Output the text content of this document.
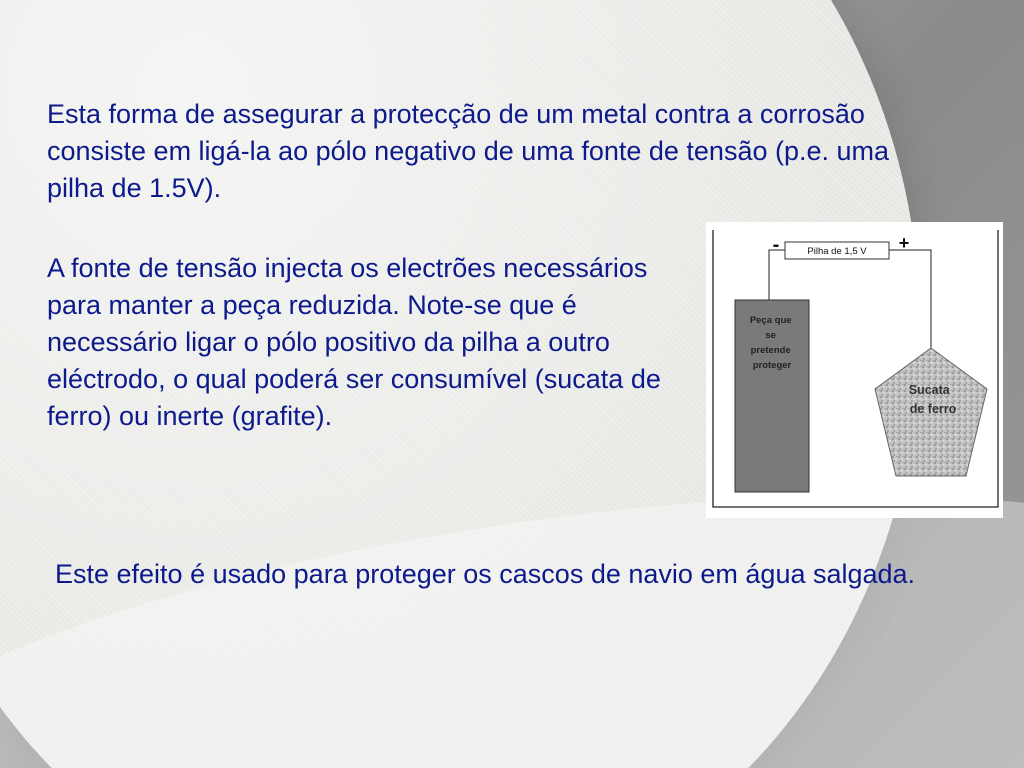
Esta forma de assegurar a protecção de um metal contra a corrosão consiste em ligá-la ao pólo negativo de uma fonte de tensão (p.e. uma pilha de 1.5V).

A fonte de tensão injecta os electrões necessários para manter a peça reduzida. Note-se que é necessário ligar o pólo positivo da pilha a outro eléctrodo, o qual poderá ser consumível (sucata de ferro) ou inerte (grafite).

Este efeito é usado para proteger os cascos de navio em água salgada.

Pilha de 1,5 V
-	+
Peça que se pretende proteger
Sucata de ferro
